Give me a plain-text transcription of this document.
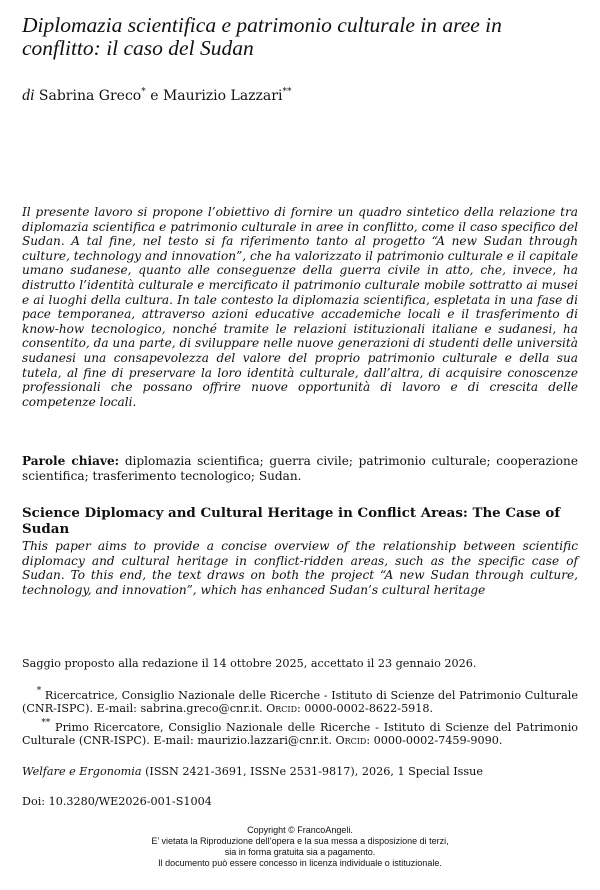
Diplomazia scientifica e patrimonio culturale in aree in conflitto: il caso del Sudan
di Sabrina Greco* e Maurizio Lazzari**

Il presente lavoro si propone l’obiettivo di fornire un quadro sintetico della relazione tra diplomazia scientifica e patrimonio culturale in aree in conflitto, come il caso specifico del Sudan. A tal fine, nel testo si fa riferimento tanto al progetto “A new Sudan through culture, technology and innovation”, che ha valorizzato il patrimonio culturale e il capitale umano sudanese, quanto alle conseguenze della guerra civile in atto, che, invece, ha distrutto l’identità culturale e mercificato il patrimonio culturale mobile sottratto ai musei e ai luoghi della cultura. In tale contesto la diplomazia scientifica, espletata in una fase di pace temporanea, attraverso azioni educative accademiche locali e il trasferimento di know-how tecnologico, nonché tramite le relazioni istituzionali italiane e sudanesi, ha consentito, da una parte, di sviluppare nelle nuove generazioni di studenti delle università sudanesi una consapevolezza del valore del proprio patrimonio culturale e della sua tutela, al fine di preservare la loro identità culturale, dall’altra, di acquisire conoscenze professionali che possano offrire nuove opportunità di lavoro e di crescita delle competenze locali.

Parole chiave: diplomazia scientifica; guerra civile; patrimonio culturale; cooperazione scientifica; trasferimento tecnologico; Sudan.

Science Diplomacy and Cultural Heritage in Conflict Areas: The Case of Sudan

This paper aims to provide a concise overview of the relationship between scientific diplomacy and cultural heritage in conflict-ridden areas, such as the specific case of Sudan. To this end, the text draws on both the project “A new Sudan through culture, technology, and innovation”, which has enhanced Sudan’s cultural heritage

Saggio proposto alla redazione il 14 ottobre 2025, accettato il 23 gennaio 2026.

* Ricercatrice, Consiglio Nazionale delle Ricerche - Istituto di Scienze del Patrimonio Culturale (CNR-ISPC). E-mail: sabrina.greco@cnr.it. Orcid: 0000-0002-8622-5918.

** Primo Ricercatore, Consiglio Nazionale delle Ricerche - Istituto di Scienze del Patrimonio Culturale (CNR-ISPC). E-mail: maurizio.lazzari@cnr.it. Orcid: 0000-0002-7459-9090.

Welfare e Ergonomia (ISSN 2421-3691, ISSNe 2531-9817), 2026, 1 Special Issue
Doi: 10.3280/WE2026-001-S1004
Copyright © FrancoAngeli.
E’ vietata la Riproduzione dell’opera e la sua messa a disposizione di terzi,
sia in forma gratuita sia a pagamento.
Il documento può essere concesso in licenza individuale o istituzionale.
